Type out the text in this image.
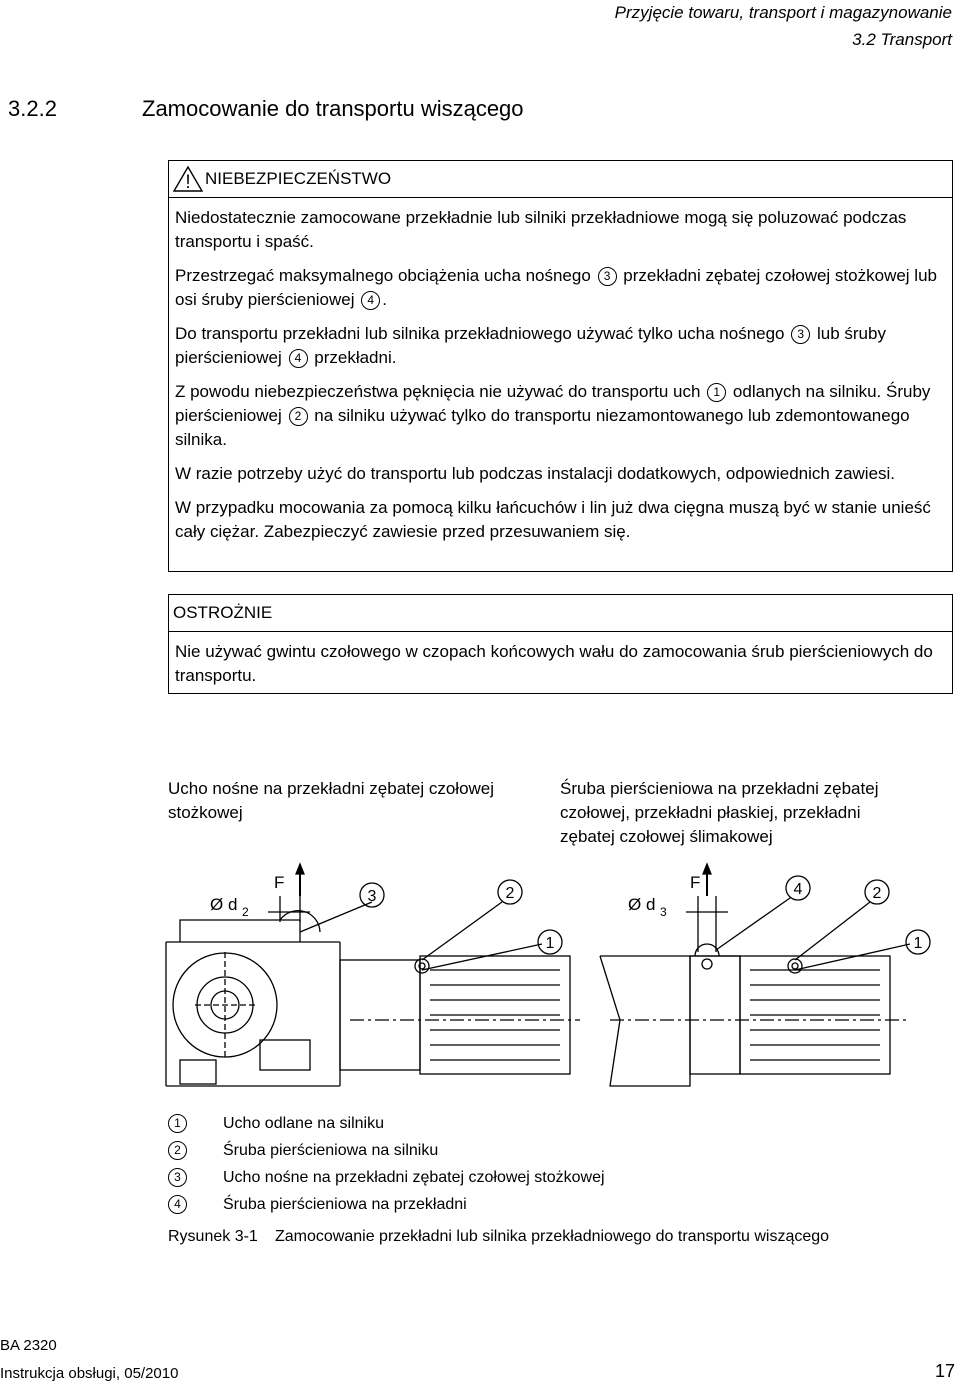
Przyjęcie towaru, transport i magazynowanie
3.2 Transport
3.2.2	Zamocowanie do transportu wiszącego
! NIEBEZPIECZEŃSTWO

Niedostatecznie zamocowane przekładnie lub silniki przekładniowe mogą się poluzować podczas transportu i spaść.

Przestrzegać maksymalnego obciążenia ucha nośnego 3 przekładni zębatej czołowej stożkowej lub osi śruby pierścieniowej 4 .

Do transportu przekładni lub silnika przekładniowego używać tylko ucha nośnego 3 lub śruby pierścieniowej 4 przekładni.

Z powodu niebezpieczeństwa pęknięcia nie używać do transportu uch 1 odlanych na silniku. Śruby pierścieniowej 2 na silniku używać tylko do transportu niezamontowanego lub zdemontowanego silnika.

W razie potrzeby użyć do transportu lub podczas instalacji dodatkowych, odpowiednich zawiesi.

W przypadku mocowania za pomocą kilku łańcuchów i lin już dwa cięgna muszą być w stanie unieść cały ciężar. Zabezpieczyć zawiesie przed przesuwaniem się.

OSTROŻNIE

Nie używać gwintu czołowego w czopach końcowych wału do zamocowania śrub pierścieniowych do transportu.

Ucho nośne na przekładni zębatej czołowej stożkowej
Śruba pierścieniowa na przekładni zębatej czołowej, przekładni płaskiej, przekładni zębatej czołowej ślimakowej
Ø d 2
F
3	2
1
Ø d 3
F	4	2
1
1	Ucho odlane na silniku
2	Śruba pierścieniowa na silniku
3	Ucho nośne na przekładni zębatej czołowej stożkowej
4	Śruba pierścieniowa na przekładni
Rysunek 3-1 Zamocowanie przekładni lub silnika przekładniowego do transportu wiszącego
BA 2320
Instrukcja obsługi, 05/2010	17
